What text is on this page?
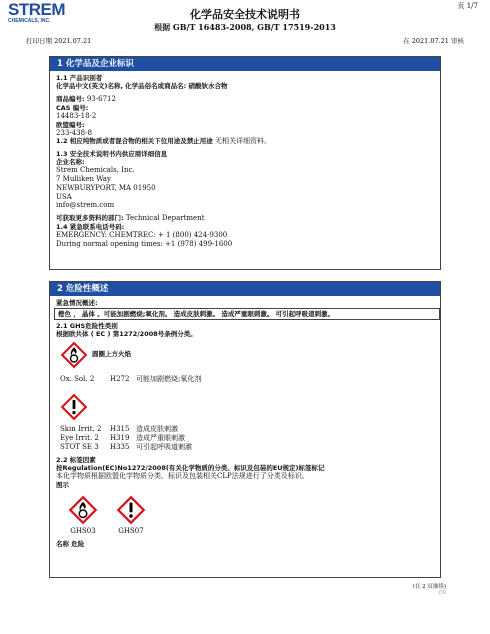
STREM
CHEMICALS, INC.
页 1/7
化学品安全技术说明书
根据 GB/T 16483-2008, GB/T 17519-2013
打印日期 2021.07.21	在 2021.07.21 审核
1 化学品及企业标识
1.1 产品识别者
化学品中文(英文)名称, 化学品俗名或商品名: 硝酸钬水合物
商品编号: 93-6712
CAS 编号:
14483-18-2
欧盟编号:
233-438-8
1.2 相应纯物质或者混合物的相关下位用途及禁止用途 无相关详细资料。
1.3 安全技术说明书内供应商详细信息
企业名称:
Strem Chemicals, Inc.
7 Mulliken Way
NEWBURYPORT, MA 01950
USA
info@strem.com
可获取更多资料的部门: Technical Department
1.4 紧急联系电话号码:
EMERGENCY: CHEMTREC: + 1 (800) 424-9300
During normal opening times: +1 (978) 499-1600
2 危险性概述
紧急情况概述:
橙色 ， 晶体 。可能加剧燃烧;氧化剂。 造成皮肤刺激。 造成严重眼刺激。 可引起呼吸道刺激。
2.1 GHS危险性类别
根据欧共体 ( EC ) 第1272/2008号条例分类。
圆圈上方火焰
Ox. Sol. 2	H272 可能加剧燃烧;氧化剂
Skin Irrit. 2	H315 造成皮肤刺激
Eye Irrit. 2	H319 造成严重眼刺激
STOT SE 3	H335 可引起呼吸道刺激
2.2 标签因素
按Regulation(EC)No1272/2008(有关化学物质的分类、标识及包装的EU规定)标签标记
本化学物质根据欧盟化学物质分类、标识及包装相关CLP法规进行了分类及标识。
图示
GHS03	GHS07
名称 危险
(在 2 页继续)
CN
